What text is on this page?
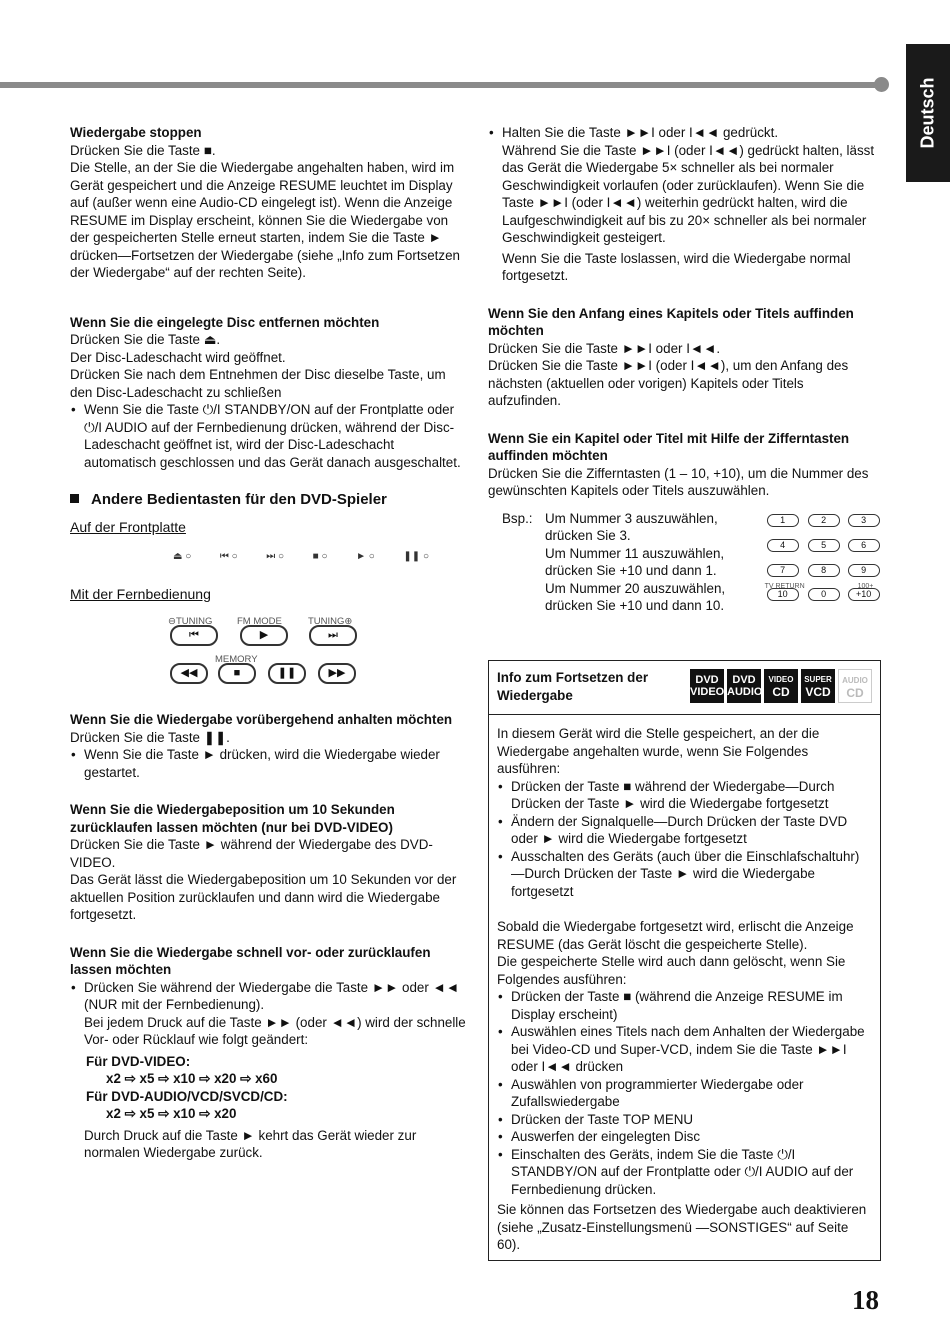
Deutsch

Wiedergabe stoppen

Drücken Sie die Taste ■.

Die Stelle, an der Sie die Wiedergabe angehalten haben, wird im Gerät gespeichert und die Anzeige RESUME leuchtet im Display auf (außer wenn eine Audio-CD eingelegt ist). Wenn die Anzeige RESUME im Display erscheint, können Sie die Wiedergabe von der gespeicherten Stelle erneut starten, indem Sie die Taste ► drücken—Fortsetzen der Wiedergabe (siehe „Info zum Fortsetzen der Wiedergabe“ auf der rechten Seite).

Wenn Sie die eingelegte Disc entfernen möchten

Drücken Sie die Taste ⏏.

Der Disc-Ladeschacht wird geöffnet.

Drücken Sie nach dem Entnehmen der Disc dieselbe Taste, um den Disc-Ladeschacht zu schließen

• Wenn Sie die Taste ⏻/I STANDBY/ON auf der Frontplatte oder ⏻/I AUDIO auf der Fernbedienung drücken, während der Disc-Ladeschacht geöffnet ist, wird der Disc-Ladeschacht automatisch geschlossen und das Gerät danach ausgeschaltet.
Andere Bedientasten für den DVD-Spieler

Auf der Frontplatte

⏏ ○	⏮ ○	⏭ ○	■ ○	► ○	❚❚ ○

Mit der Fernbedienung

⊖TUNING	FM MODE	TUNING⊕
⏮	▶	⏭
MEMORY
◀◀	■	❚❚	▶▶

Wenn Sie die Wiedergabe vorübergehend anhalten möchten

Drücken Sie die Taste ❚❚.

• Wenn Sie die Taste ► drücken, wird die Wiedergabe wieder gestartet.

Wenn Sie die Wiedergabeposition um 10 Sekunden zurücklaufen lassen möchten (nur bei DVD-VIDEO)

Drücken Sie die Taste ► während der Wiedergabe des DVD-VIDEO.

Das Gerät lässt die Wiedergabeposition um 10 Sekunden vor der aktuellen Position zurücklaufen und dann wird die Wiedergabe fortgesetzt.

Wenn Sie die Wiedergabe schnell vor- oder zurücklaufen lassen möchten

• Drücken Sie während der Wiedergabe die Taste ►► oder ◄◄ (NUR mit der Fernbedienung).

Bei jedem Druck auf die Taste ►► (oder ◄◄) wird der schnelle Vor- oder Rücklauf wie folgt geändert:

Für DVD-VIDEO:

x2 ⇨ x5 ⇨ x10 ⇨ x20 ⇨ x60

Für DVD-AUDIO/VCD/SVCD/CD:

x2 ⇨ x5 ⇨ x10 ⇨ x20

Durch Druck auf die Taste ► kehrt das Gerät wieder zur normalen Wiedergabe zurück.

• Halten Sie die Taste ►►I oder I◄◄ gedrückt.

Während Sie die Taste ►►I (oder I◄◄) gedrückt halten, lässt das Gerät die Wiedergabe 5× schneller als bei normaler Geschwindigkeit vorlaufen (oder zurücklaufen). Wenn Sie die Taste ►►I (oder I◄◄) weiterhin gedrückt halten, wird die Laufgeschwindigkeit auf bis zu 20× schneller als bei normaler Geschwindigkeit gesteigert.

Wenn Sie die Taste loslassen, wird die Wiedergabe normal fortgesetzt.

Wenn Sie den Anfang eines Kapitels oder Titels auffinden möchten

Drücken Sie die Taste ►►I oder I◄◄.

Drücken Sie die Taste ►►I (oder I◄◄), um den Anfang des nächsten (aktuellen oder vorigen) Kapitels oder Titels aufzufinden.

Wenn Sie ein Kapitel oder Titel mit Hilfe der Zifferntasten auffinden möchten

Drücken Sie die Zifferntasten (1 – 10, +10), um die Nummer des gewünschten Kapitels oder Titels auszuwählen.

Bsp.: Um Nummer 3 auszuwählen,

drücken Sie 3.

Um Nummer 11 auszuwählen,

drücken Sie +10 und dann 1.

Um Nummer 20 auszuwählen,

drücken Sie +10 und dann 10.

1	2	3
4	5	6
7	8	9
TV RETURN	100+
10	0	+10

Info zum Fortsetzen der Wiedergabe

DVD
VIDEO
DVD
AUDIO
VIDEO
CD
SUPER
VCD
AUDIO
CD

In diesem Gerät wird die Stelle gespeichert, an der die Wiedergabe angehalten wurde, wenn Sie Folgendes ausführen:

• Drücken der Taste ■ während der Wiedergabe—Durch Drücken der Taste ► wird die Wiedergabe fortgesetzt
• Ändern der Signalquelle—Durch Drücken der Taste DVD oder ► wird die Wiedergabe fortgesetzt
• Ausschalten des Geräts (auch über die Einschlafschaltuhr)—Durch Drücken der Taste ► wird die Wiedergabe fortgesetzt

Sobald die Wiedergabe fortgesetzt wird, erlischt die Anzeige RESUME (das Gerät löscht die gespeicherte Stelle).

Die gespeicherte Stelle wird auch dann gelöscht, wenn Sie Folgendes ausführen:

• Drücken der Taste ■ (während die Anzeige RESUME im Display erscheint)
• Auswählen eines Titels nach dem Anhalten der Wiedergabe bei Video-CD und Super-VCD, indem Sie die Taste ►►I oder I◄◄ drücken
• Auswählen von programmierter Wiedergabe oder Zufallswiedergabe
• Drücken der Taste TOP MENU
• Auswerfen der eingelegten Disc
• Einschalten des Geräts, indem Sie die Taste ⏻/I STANDBY/ON auf der Frontplatte oder ⏻/I AUDIO auf der Fernbedienung drücken.

Sie können das Fortsetzen des Wiedergabe auch deaktivieren (siehe „Zusatz-Einstellungsmenü —SONSTIGES“ auf Seite 60).

18
